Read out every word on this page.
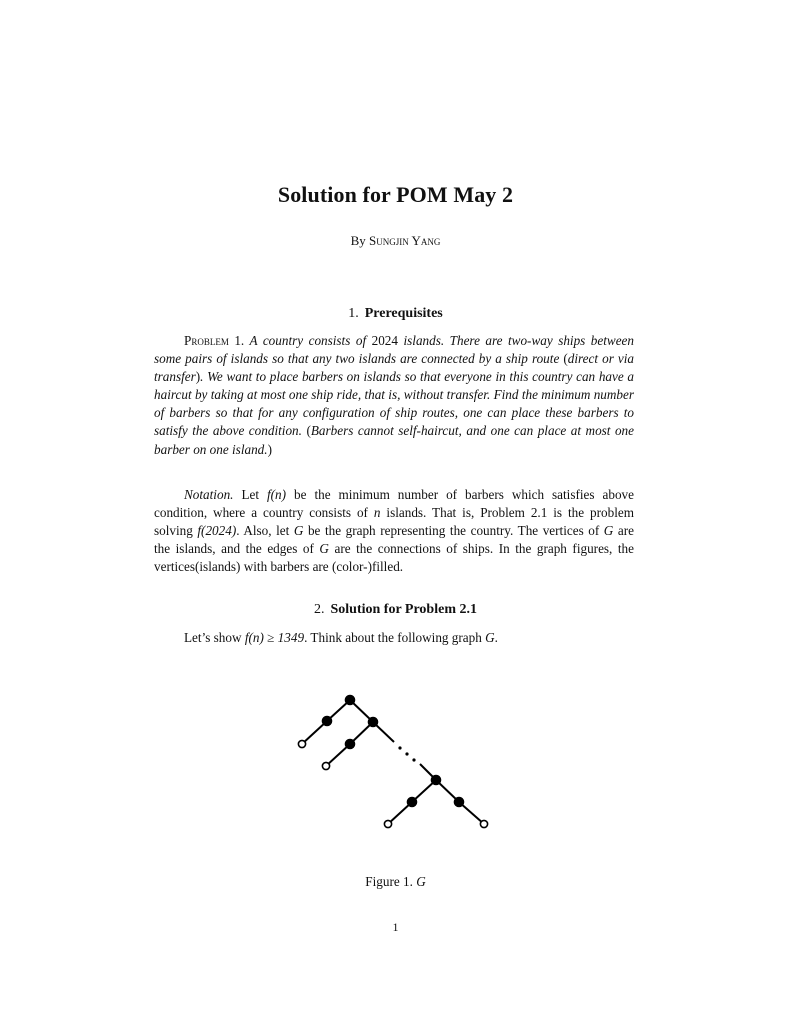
Solution for POM May 2
By Sungjin Yang
1. Prerequisites

Problem 1. A country consists of 2024 islands. There are two-way ships between some pairs of islands so that any two islands are connected by a ship route (direct or via transfer). We want to place barbers on islands so that everyone in this country can have a haircut by taking at most one ship ride, that is, without transfer. Find the minimum number of barbers so that for any configuration of ship routes, one can place these barbers to satisfy the above condition. (Barbers cannot self-haircut, and one can place at most one barber on one island.)

Notation. Let f(n) be the minimum number of barbers which satisfies above condition, where a country consists of n islands. That is, Problem 2.1 is the problem solving f(2024). Also, let G be the graph representing the country. The vertices of G are the islands, and the edges of G are the connections of ships. In the graph figures, the vertices(islands) with barbers are (color-)filled.

2. Solution for Problem 2.1

Let’s show f(n) ≥ 1349. Think about the following graph G.

Figure 1. G
1
